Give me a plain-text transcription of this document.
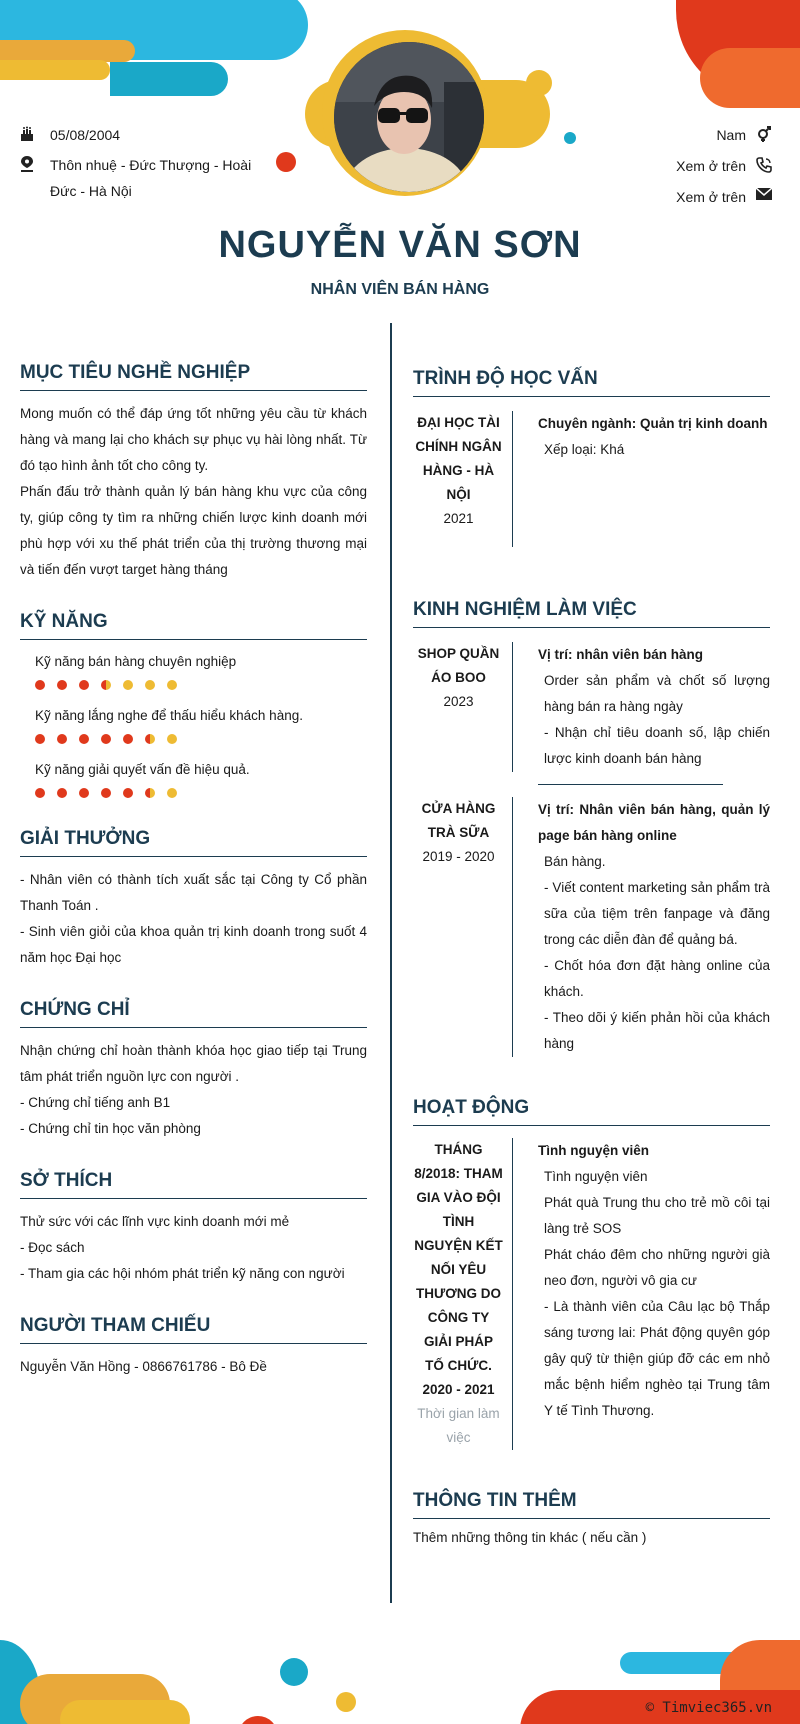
05/08/2004
Thôn nhuệ - Đức Thượng - Hoài Đức - Hà Nội
Nam
Xem ở trên
Xem ở trên
NGUYỄN VĂN SƠN
NHÂN VIÊN BÁN HÀNG
MỤC TIÊU NGHỀ NGHIỆP
Mong muốn có thể đáp ứng tốt những yêu cầu từ khách hàng và mang lại cho khách sự phục vụ hài lòng nhất. Từ đó tạo hình ảnh tốt cho công ty.
Phấn đấu trở thành quản lý bán hàng khu vực của công ty, giúp công ty tìm ra những chiến lược kinh doanh mới phù hợp với xu thế phát triển của thị trường thương mại và tiến đến vượt target hàng tháng
KỸ NĂNG
Kỹ năng bán hàng chuyên nghiệp
Kỹ năng lắng nghe để thấu hiểu khách hàng.
Kỹ năng giải quyết vấn đề hiệu quả.
GIẢI THƯỞNG
- Nhân viên có thành tích xuất sắc tại Công ty Cổ phần Thanh Toán .
- Sinh viên giỏi của khoa quản trị kinh doanh trong suốt 4 năm học Đại học
CHỨNG CHỈ
Nhận chứng chỉ hoàn thành khóa học giao tiếp tại Trung tâm phát triển nguồn lực con người .
- Chứng chỉ tiếng anh B1
- Chứng chỉ tin học văn phòng
SỞ THÍCH
Thử sức với các lĩnh vực kinh doanh mới mẻ
- Đọc sách
- Tham gia các hội nhóm phát triển kỹ năng con người
NGƯỜI THAM CHIẾU
Nguyễn Văn Hồng - 0866761786 - Bô Đề
TRÌNH ĐỘ HỌC VẤN
ĐẠI HỌC TÀI CHÍNH NGÂN HÀNG - HÀ NỘI
2021
Chuyên ngành: Quản trị kinh doanh
Xếp loại: Khá
KINH NGHIỆM LÀM VIỆC
SHOP QUẦN ÁO BOO
2023
Vị trí: nhân viên bán hàng
Order sản phẩm và chốt số lượng hàng bán ra hàng ngày
- Nhận chỉ tiêu doanh số, lập chiến lược kinh doanh bán hàng
CỬA HÀNG TRÀ SỮA
2019 - 2020
Vị trí: Nhân viên bán hàng, quản lý page bán hàng online
Bán hàng.
- Viết content marketing sản phẩm trà sữa của tiệm trên fanpage và đăng trong các diễn đàn để quảng bá.
- Chốt hóa đơn đặt hàng online của khách.
- Theo dõi ý kiến phản hồi của khách hàng
HOẠT ĐỘNG
THÁNG 8/2018: THAM GIA VÀO ĐỘI TÌNH NGUYỆN KẾT NỐI YÊU THƯƠNG DO CÔNG TY GIẢI PHÁP TỐ CHỨC.
2020 - 2021
Thời gian làm việc
Tình nguyện viên
Tình nguyện viên
Phát quà Trung thu cho trẻ mồ côi tại làng trẻ SOS
Phát cháo đêm cho những người già neo đơn, người vô gia cư
- Là thành viên của Câu lạc bộ Thắp sáng tương lai: Phát động quyên góp gây quỹ từ thiện giúp đỡ các em nhỏ mắc bệnh hiểm nghèo tại Trung tâm Y tế Tình Thương.
THÔNG TIN THÊM
Thêm những thông tin khác ( nếu cần )
© Timviec365.vn
